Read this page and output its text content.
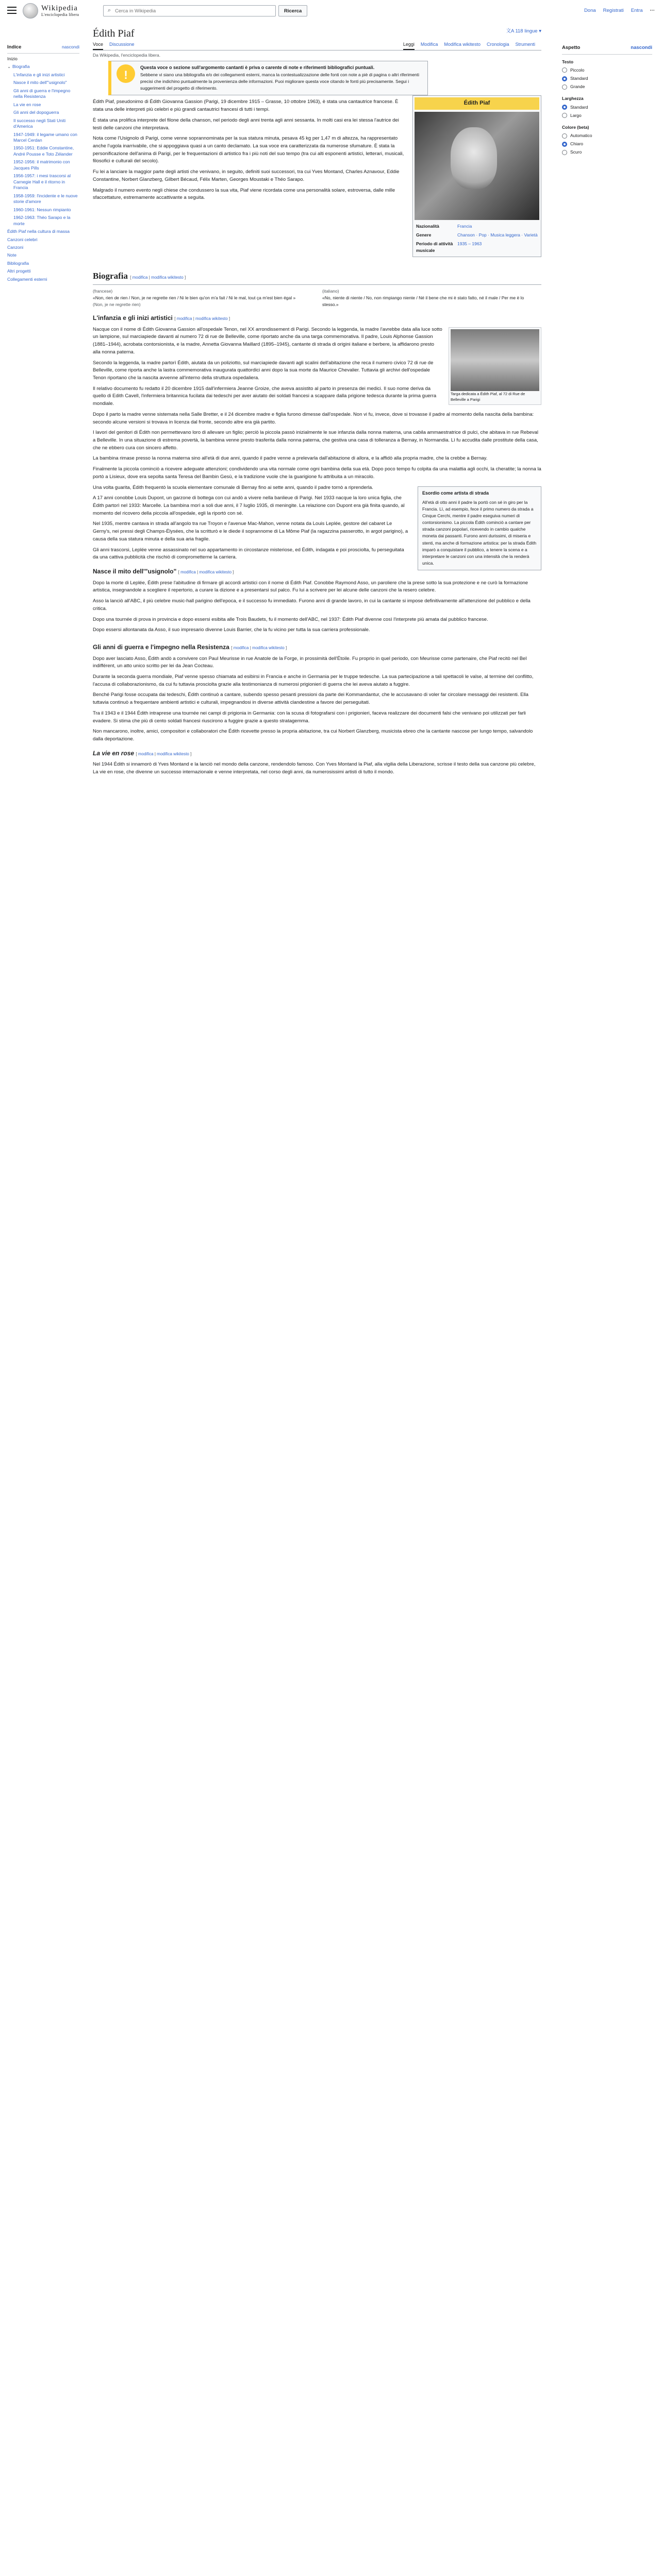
Wikipedia
L'enciclopedia libera
⌕
Cerca in Wikipedia	Ricerca	Dona Registrati Entra ···
Édith Piaf	文A 118 lingue ▾
Voce Discussione	Leggi Modifica Modifica wikitesto Cronologia Strumenti
Da Wikipedia, l'enciclopedia libera.
Indice	nascondi
Inizio
⌄ Biografia
L'infanzia e gli inizi artistici
Nasce il mito dell'"usignolo"
Gli anni di guerra e l'impegno nella Resistenza
La vie en rose
Gli anni del dopoguerra
Il successo negli Stati Uniti d'America
1947-1949: il legame umano con Marcel Cerdan
1950-1951: Eddie Constantine, André Pousse e Toto Zélander
1952-1956: il matrimonio con Jacques Pills
1956-1957: i mesi trascorsi al Carnegie Hall e il ritorno in Francia
1958-1959: l'incidente e le nuove storie d'amore
1960-1961: Nessun rimpianto
1962-1963: Théo Sarapo e la morte
Édith Piaf nella cultura di massa
Canzoni celebri
Canzoni
Note
Bibliografia
Altri progetti
Collegamenti esterni
Aspetto	nascondi
Testo
Piccolo
Standard
Grande
Larghezza
Standard
Largo
Colore (beta)
Automatico
Chiaro
Scuro
!
Questa voce o sezione sull'argomento cantanti è priva o carente di note e riferimenti bibliografici puntuali.
Sebbene vi siano una bibliografia e/o dei collegamenti esterni, manca la contestualizzazione delle fonti con note a piè di pagina o altri riferimenti precisi che indichino puntualmente la provenienza delle informazioni. Puoi migliorare questa voce citando le fonti più precisamente. Segui i suggerimenti del progetto di riferimento.
Édith Piaf
Nazionalità	Francia
Genere	Chanson · Pop · Musica leggera · Varietà
Periodo di attività musicale	1935 – 1963

Édith Piaf, pseudonimo di Édith Giovanna Gassion (Parigi, 19 dicembre 1915 – Grasse, 10 ottobre 1963), è stata una cantautrice francese. È stata una delle interpreti più celebri e più grandi cantautrici francesi di tutti i tempi.

È stata una prolifica interprete del filone della chanson, nel periodo degli anni trenta agli anni sessanta. In molti casi era lei stessa l'autrice dei testi delle canzoni che interpretava.

Nota come l'Usignolo di Parigi, come venne soprannominata per la sua statura minuta, pesava 45 kg per 1,47 m di altezza, ha rappresentato anche l'ugola inarrivabile, che si appoggiava quasi a un canto declamato. La sua voce era caratterizzata da numerose sfumature. È stata la personificazione dell'anima di Parigi, per le frequentazioni di artistico fra i più noti del suo tempo (tra cui alti esponenti artistici, letterari, musicali, filosofici e culturali del secolo).

Fu lei a lanciare la maggior parte degli artisti che venivano, in seguito, definiti suoi successori, tra cui Yves Montand, Charles Aznavour, Eddie Constantine, Norbert Glanzberg, Gilbert Bécaud, Félix Marten, Georges Moustaki e Théo Sarapo.

Malgrado il numero evento negli chiese che condussero la sua vita, Piaf viene ricordata come una personalità solare, estroversa, dalle mille sfaccettature, estremamente accattivante a seguita.

Biografia [ modifica | modifica wikitesto ]
(francese)
«Non, rien de rien / Non, je ne regrette rien / Ni le bien qu'on m'a fait / Ni le mal, tout ça m'est bien égal »
(Non, je ne regrette rien)
(italiano)
«No, niente di niente / No, non rimpiango niente / Né il bene che mi è stato fatto, né il male / Per me è lo stesso.»
L'infanzia e gli inizi artistici [ modifica | modifica wikitesto ]
Targa dedicata a Édith Piaf, al 72 di Rue de Belleville a Parigi

Nacque con il nome di Édith Giovanna Gassion all'ospedale Tenon, nel XX arrondissement di Parigi. Secondo la leggenda, la madre l'avrebbe data alla luce sotto un lampione, sul marciapiede davanti al numero 72 di rue de Belleville, come riportato anche da una targa commemorativa. Il padre, Louis Alphonse Gassion (1881–1944), acrobata contorsionista, e la madre, Annetta Giovanna Maillard (1895–1945), cantante di strada di origini italiane e berbere, la affidarono presto alla nonna paterna.

Secondo la leggenda, la madre partorì Édith, aiutata da un poliziotto, sul marciapiede davanti agli scalini dell'abitazione che reca il numero civico 72 di rue de Belleville, come riporta anche la lastra commemorativa inaugurata quattordici anni dopo la sua morte da Maurice Chevalier. Tuttavia gli archivi dell'ospedale Tenon riportano che la nascita avvenne all'interno della struttura ospedaliera.

Il relativo documento fu redatto il 20 dicembre 1915 dall'infermiera Jeanne Groize, che aveva assistito al parto in presenza dei medici. Il suo nome deriva da quello di Edith Cavell, l'infermiera britannica fucilata dai tedeschi per aver aiutato dei soldati francesi a scappare dalla prigione tedesca durante la prima guerra mondiale.

Dopo il parto la madre venne sistemata nella Salle Bretter, e il 24 dicembre madre e figlia furono dimesse dall'ospedale. Non vi fu, invece, dove si trovasse il padre al momento della nascita della bambina: secondo alcune versioni si trovava in licenza dal fronte, secondo altre era già partito.

I lavori del genitori di Édith non permettevano loro di allevare un figlio; perciò la piccola passò inizialmente le sue infanzia dalla nonna materna, una cabila ammaestratrice di pulci, che abitava in rue Rebeval a Belleville. In una situazione di estrema povertà, la bambina venne presto trasferita dalla nonna paterna, che gestiva una casa di tolleranza a Bernay, in Normandia. Lì fu accudita dalle prostitute della casa, che ne ebbero cura con sincero affetto.

La bambina rimase presso la nonna materna sino all'età di due anni, quando il padre venne a prelevarla dall'abitazione di allora, e la affidò alla propria madre, che la crebbe a Bernay.

Finalmente la piccola cominciò a ricevere adeguate attenzioni; condividendo una vita normale come ogni bambina della sua età. Dopo poco tempo fu colpita da una malattia agli occhi, la cheratite; la nonna la portò a Lisieux, dove era sepolta santa Teresa del Bambin Gesù, e la tradizione vuole che la guarigione fu attribuita a un miracolo.

Esordio come artista di strada
All'età di otto anni il padre la portò con sé in giro per la Francia. Lì, ad esempio, fece il primo numero da strada a Cinque Cerchi, mentre il padre eseguiva numeri di contorsionismo. La piccola Édith cominciò a cantare per strada canzoni popolari, ricevendo in cambio qualche moneta dai passanti. Furono anni durissimi, di miseria e stenti, ma anche di formazione artistica: per la strada Édith imparò a conquistare il pubblico, a tenere la scena e a interpretare le canzoni con una intensità che la renderà unica.

Una volta guarita, Édith frequentò la scuola elementare comunale di Bernay fino ai sette anni, quando il padre tornò a riprenderla.

A 17 anni conobbe Louis Dupont, un garzone di bottega con cui andò a vivere nella banlieue di Parigi. Nel 1933 nacque la loro unica figlia, che Édith partorì nel 1933: Marcelle. La bambina morì a soli due anni, il 7 luglio 1935, di meningite. La relazione con Dupont era già finita quando, al momento del ricovero della piccola all'ospedale, egli la riportò con sé.

Nel 1935, mentre cantava in strada all'angolo tra rue Troyon e l'avenue Mac-Mahon, venne notata da Louis Leplée, gestore del cabaret Le Gerny's, nei pressi degli Champs-Élysées, che la scritturò e le diede il soprannome di La Môme Piaf (la ragazzina passerotto, in argot parigino), a causa della sua statura minuta e della sua aria fragile.

Gli anni trascorsi, Leplée venne assassinato nel suo appartamento in circostanze misteriose, ed Édith, indagata e poi prosciolta, fu perseguitata da una cattiva pubblicità che rischiò di comprometterne la carriera.

Nasce il mito dell'"usignolo" [ modifica | modifica wikitesto ]

Dopo la morte di Leplée, Édith prese l'abitudine di firmare gli accordi artistici con il nome di Édith Piaf. Conobbe Raymond Asso, un paroliere che la prese sotto la sua protezione e ne curò la formazione artistica, insegnandole a scegliere il repertorio, a curare la dizione e a presentarsi sul palco. Fu lui a scrivere per lei alcune delle canzoni che la resero celebre.

Asso la lanciò all'ABC, il più celebre music-hall parigino dell'epoca, e il successo fu immediato. Furono anni di grande lavoro, in cui la cantante si impose definitivamente all'attenzione del pubblico e della critica.

Dopo una tournée di prova in provincia e dopo essersi esibita alle Trois Baudets, fu il momento dell'ABC, nel 1937: Édith Piaf divenne così l'interprete più amata dal pubblico francese.

Dopo essersi allontanata da Asso, il suo impresario divenne Louis Barrier, che la fu vicino per tutta la sua carriera professionale.

Gli anni di guerra e l'impegno nella Resistenza [ modifica | modifica wikitesto ]

Dopo aver lasciato Asso, Édith andò a convivere con Paul Meurisse in rue Anatole de la Forge, in prossimità dell'Étoile. Fu proprio in quel periodo, con Meurisse come partenaire, che Piaf recitò nel Bel indifférent, un atto unico scritto per lei da Jean Cocteau.

Durante la seconda guerra mondiale, Piaf venne spesso chiamata ad esibirsi in Francia e anche in Germania per le truppe tedesche. La sua partecipazione a tali spettacoli le valse, al termine del conflitto, l'accusa di collaborazionismo, da cui fu tuttavia prosciolta grazie alla testimonianza di numerosi prigionieri di guerra che lei aveva aiutato a fuggire.

Benché Parigi fosse occupata dai tedeschi, Édith continuò a cantare, subendo spesso pesanti pressioni da parte dei Kommandantur, che le accusavano di voler far circolare messaggi dei resistenti. Ella tuttavia continuò a frequentare ambienti artistici e culturali, impegnandosi in diverse attività clandestine a favore dei perseguitati.

Tra il 1943 e il 1944 Édith intraprese una tournée nei campi di prigionia in Germania: con la scusa di fotografarsi con i prigionieri, faceva realizzare dei documenti falsi che venivano poi utilizzati per farli evadere. Si stima che più di cento soldati francesi riuscirono a fuggire grazie a questo stratagemma.

Non mancarono, inoltre, amici, compositori e collaboratori che Édith ricevette presso la propria abitazione, tra cui Norbert Glanzberg, musicista ebreo che la cantante nascose per lungo tempo, salvandolo dalla deportazione.

La vie en rose [ modifica | modifica wikitesto ]

Nel 1944 Édith si innamorò di Yves Montand e la lanciò nel mondo della canzone, rendendolo famoso. Con Yves Montand la Piaf, alla vigilia della Liberazione, scrisse il testo della sua canzone più celebre, La vie en rose, che divenne un successo internazionale e venne interpretata, nel corso degli anni, da numerosissimi artisti di tutto il mondo.
